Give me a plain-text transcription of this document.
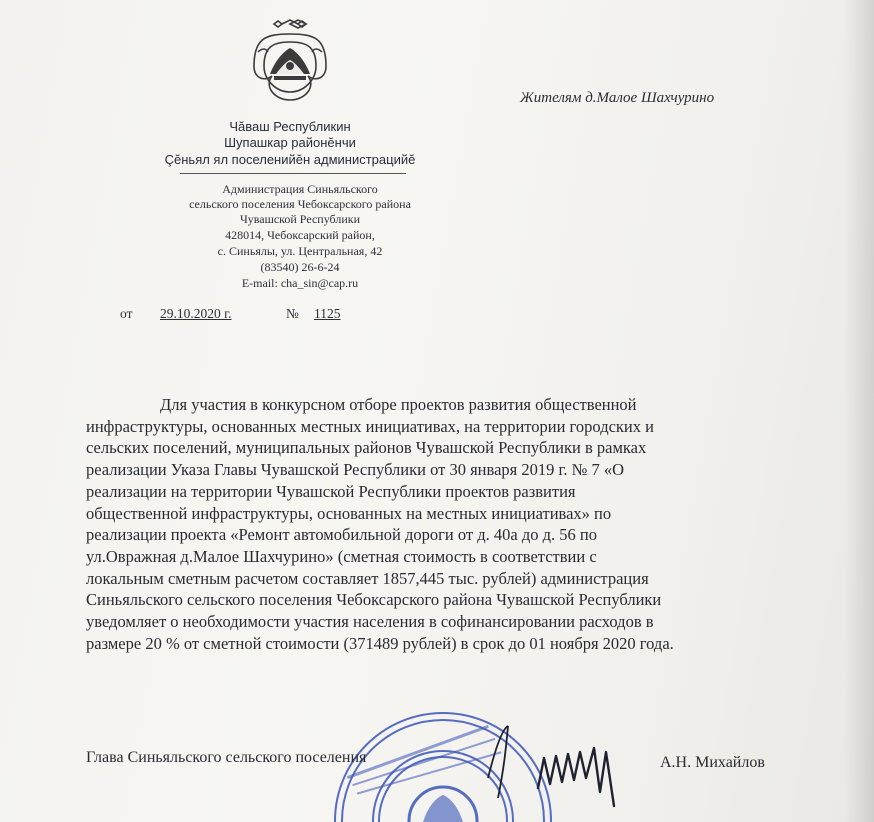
Чăваш Республикин
Шупашкар районĕнчи
Çĕньял ял поселенийĕн администрацийĕ
Администрация Синьяльского
сельского поселения Чебоксарского района
Чувашской Республики
428014, Чебоксарский район,
с. Синьялы, ул. Центральная, 42
(83540) 26-6-24
E-mail: cha_sin@cap.ru
Жителям д.Малое Шахчурино
от 29.10.2020 г.	№ 1125
Для участия в конкурсном отборе проектов развития общественной
инфраструктуры, основанных местных инициативах, на территории городских и
сельских поселений, муниципальных районов Чувашской Республики в рамках
реализации Указа Главы Чувашской Республики от 30 января 2019 г. № 7 «О
реализации на территории Чувашской Республики проектов развития
общественной инфраструктуры, основанных на местных инициативах» по
реализации проекта «Ремонт автомобильной дороги от д. 40а до д. 56 по
ул.Овражная д.Малое Шахчурино» (сметная стоимость в соответствии с
локальным сметным расчетом составляет 1857,445 тыс. рублей) администрация
Синьяльского сельского поселения Чебоксарского района Чувашской Республики
уведомляет о необходимости участия населения в софинансировании расходов в
размере 20 % от сметной стоимости (371489 рублей) в срок до 01 ноября 2020 года.
Глава Синьяльского сельского поселения	А.Н. Михайлов
